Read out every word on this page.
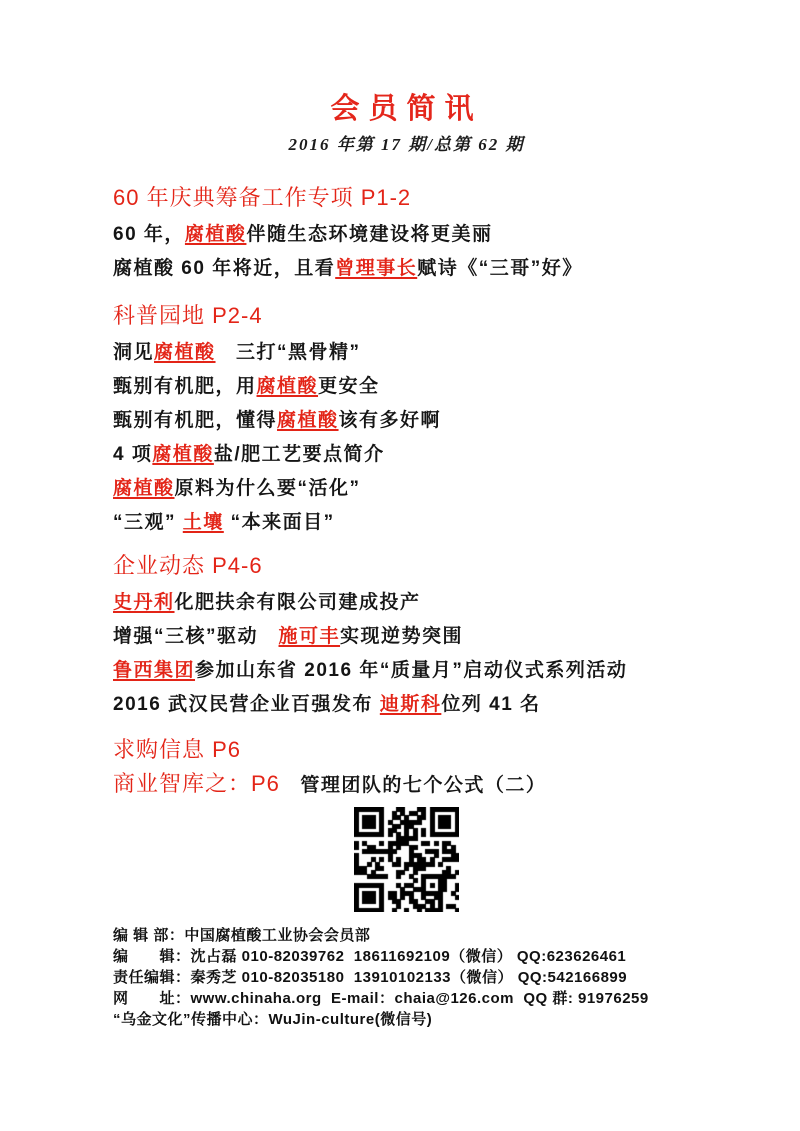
会员简讯
2016 年第 17 期/总第 62 期
60 年庆典筹备工作专项 P1-2

60 年，腐植酸伴随生态环境建设将更美丽

腐植酸 60 年将近，且看曾理事长赋诗《“三哥”好》

科普园地 P2-4

洞见腐植酸　三打“黑骨精”

甄别有机肥，用腐植酸更安全

甄别有机肥，懂得腐植酸该有多好啊

4 项腐植酸盐/肥工艺要点简介

腐植酸原料为什么要“活化”

“三观” 土壤 “本来面目”

企业动态 P4-6

史丹利化肥扶余有限公司建成投产

增强“三核”驱动　施可丰实现逆势突围

鲁西集团参加山东省 2016 年“质量月”启动仪式系列活动

2016 武汉民营企业百强发布 迪斯科位列 41 名

求购信息 P6
商业智库之：P6　管理团队的七个公式（二）

编 辑 部：中国腐植酸工业协会会员部

编　　辑：沈占磊 010-82039762  18611692109（微信） QQ:623626461

责任编辑：秦秀芝 010-82035180  13910102133（微信） QQ:542166899

网　　址：www.chinaha.org  E-mail：chaia@126.com  QQ 群: 91976259

“乌金文化”传播中心：WuJin-culture(微信号)
